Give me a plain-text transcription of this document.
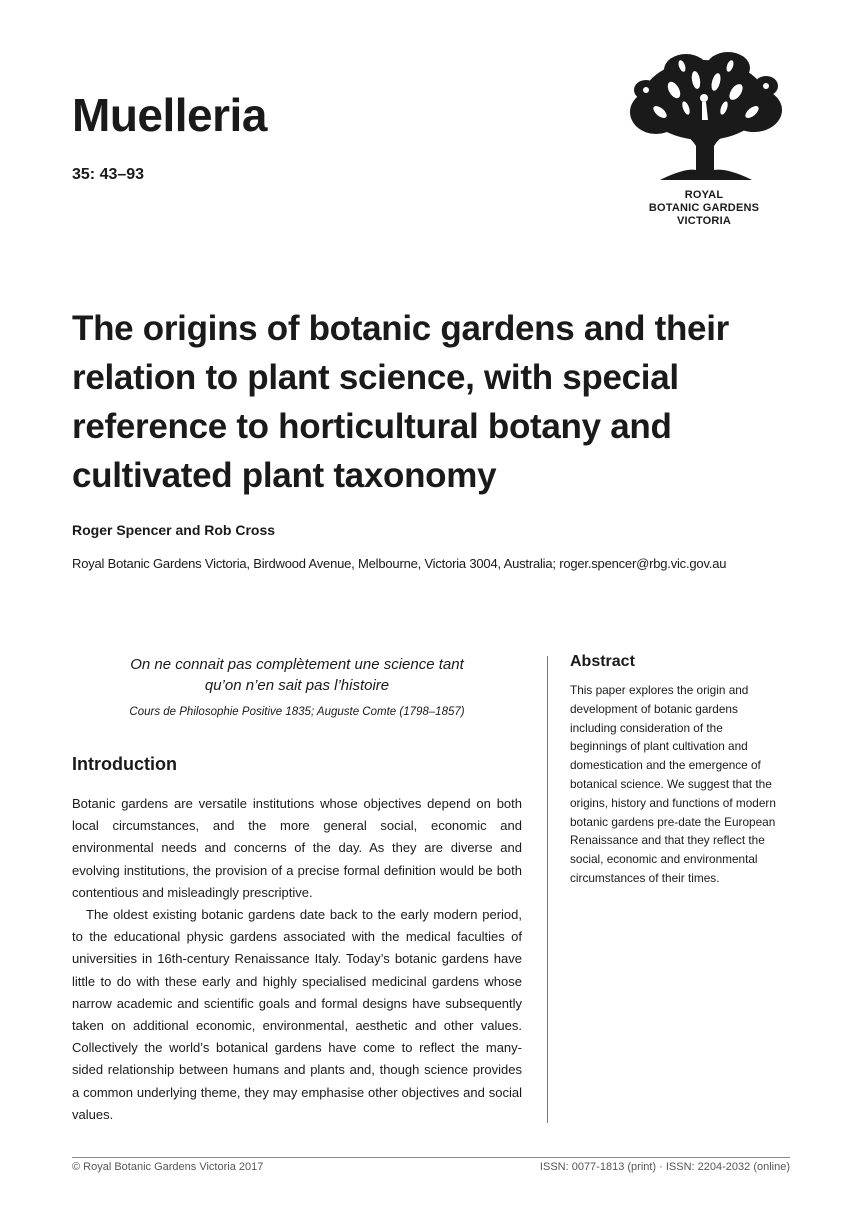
Muelleria
35: 43–93
ROYAL
BOTANIC GARDENS
VICTORIA
The origins of botanic gardens and their relation to plant science, with special reference to horticultural botany and cultivated plant taxonomy
Roger Spencer and Rob Cross
Royal Botanic Gardens Victoria, Birdwood Avenue, Melbourne, Victoria 3004, Australia; roger.spencer@rbg.vic.gov.au
On ne connait pas complètement une science tant
qu’on n’en sait pas l’histoire
Cours de Philosophie Positive 1835; Auguste Comte (1798–1857)
Introduction

Botanic gardens are versatile institutions whose objectives depend on both local circumstances, and the more general social, economic and environmental needs and concerns of the day. As they are diverse and evolving institutions, the provision of a precise formal definition would be both contentious and misleadingly prescriptive.

The oldest existing botanic gardens date back to the early modern period, to the educational physic gardens associated with the medical faculties of universities in 16th-century Renaissance Italy. Today’s botanic gardens have little to do with these early and highly specialised medicinal gardens whose narrow academic and scientific goals and formal designs have subsequently taken on additional economic, environmental, aesthetic and other values. Collectively the world’s botanical gardens have come to reflect the many-sided relationship between humans and plants and, though science provides a common underlying theme, they may emphasise other objectives and social values.

Abstract
This paper explores the origin and development of botanic gardens including consideration of the beginnings of plant cultivation and domestication and the emergence of botanical science. We suggest that the origins, history and functions of modern botanic gardens pre-date the European Renaissance and that they reflect the social, economic and environmental circumstances of their times.
© Royal Botanic Gardens Victoria 2017	ISSN: 0077-1813 (print) · ISSN: 2204-2032 (online)
